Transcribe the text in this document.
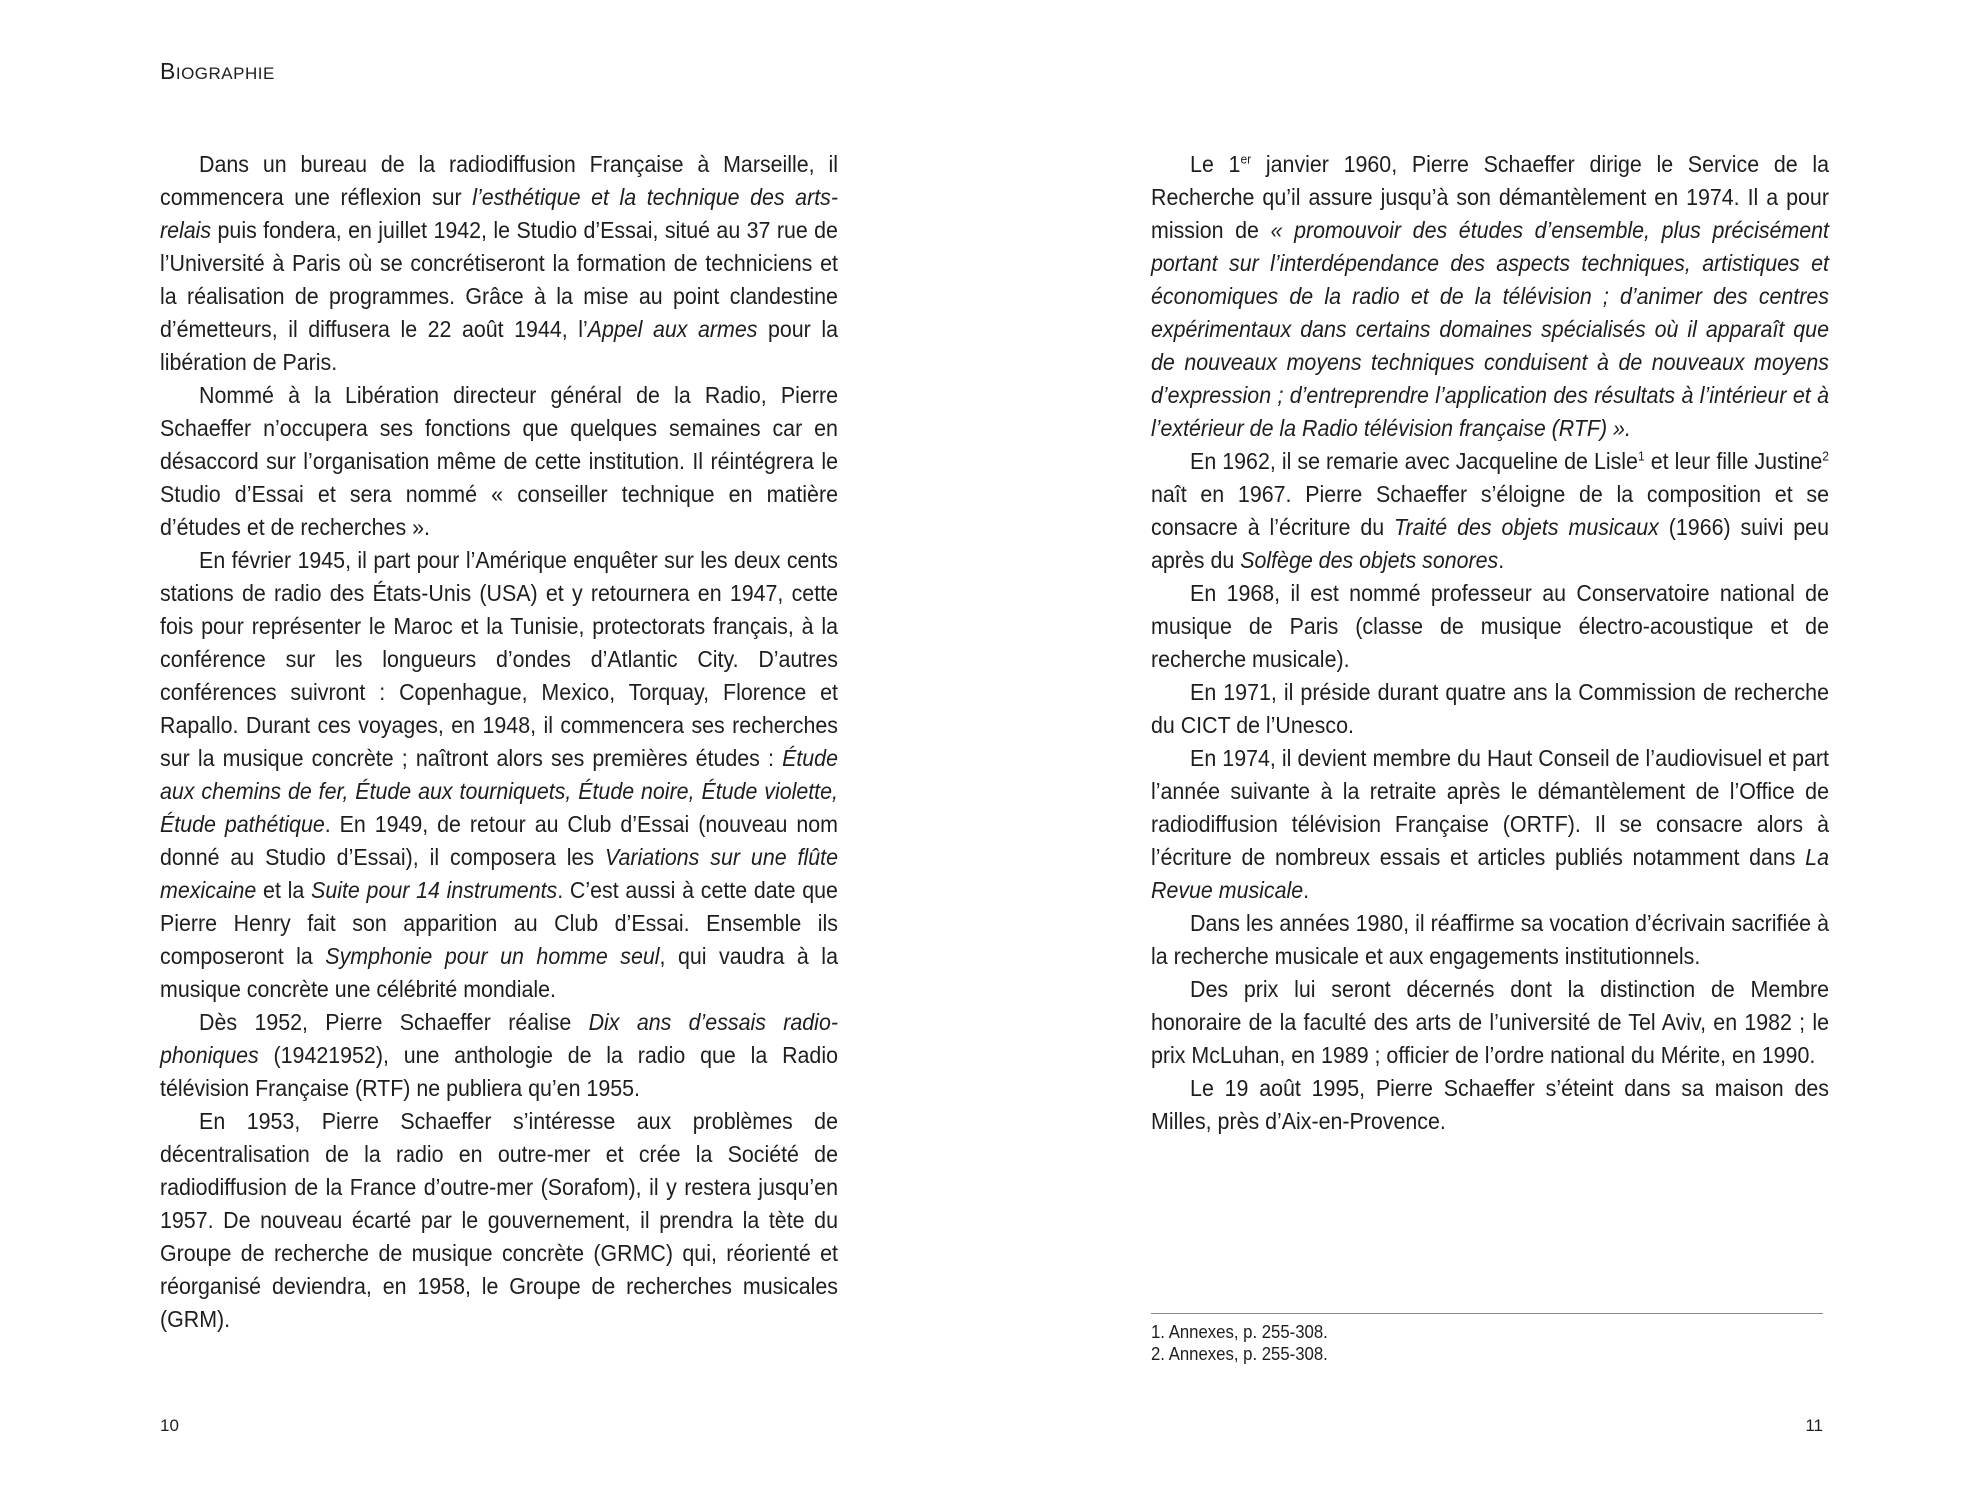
BIOGRAPHIE

Dans un bureau de la radiodiffusion Française à Marseille, il commencera une réflexion sur l’esthétique et la technique des arts-relais puis fondera, en juillet 1942, le Studio d’Essai, situé au 37 rue de l’Université à Paris où se concrétiseront la formation de techniciens et la réalisation de programmes. Grâce à la mise au point clandestine d’émetteurs, il diffusera le 22 août 1944, l’Appel aux armes pour la libération de Paris.

Nommé à la Libération directeur général de la Radio, Pierre Schaeffer n’occupera ses fonctions que quelques semaines car en désaccord sur l’organisation même de cette institution. Il réintégrera le Studio d’Essai et sera nommé « conseiller technique en matière d’études et de recherches ».

En février 1945, il part pour l’Amérique enquêter sur les deux cents stations de radio des États-Unis (USA) et y retournera en 1947, cette fois pour représenter le Maroc et la Tunisie, protectorats français, à la conférence sur les longueurs d’ondes d’Atlantic City. D’autres conférences suivront : Copenhague, Mexico, Torquay, Florence et Rapallo. Durant ces voyages, en 1948, il commencera ses recherches sur la musique concrète ; naîtront alors ses premières études : Étude aux chemins de fer, Étude aux tourniquets, Étude noire, Étude violette, Étude pathétique. En 1949, de retour au Club d’Essai (nouveau nom donné au Studio d’Essai), il composera les Variations sur une flûte mexicaine et la Suite pour 14 instruments. C’est aussi à cette date que Pierre Henry fait son apparition au Club d’Essai. Ensemble ils composeront la Symphonie pour un homme seul, qui vaudra à la musique concrète une célébrité mondiale.

Dès 1952, Pierre Schaeffer réalise Dix ans d’essais radiophoniques (19421952), une anthologie de la radio que la Radio télévision Française (RTF) ne publiera qu’en 1955.

En 1953, Pierre Schaeffer s’intéresse aux problèmes de décentralisation de la radio en outre-mer et crée la Société de radiodiffusion de la France d’outre-mer (Sorafom), il y restera jusqu’en 1957. De nouveau écarté par le gouvernement, il prendra la tète du Groupe de recherche de musique concrète (GRMC) qui, réorienté et réorganisé deviendra, en 1958, le Groupe de recherches musicales (GRM).

10

Le 1er janvier 1960, Pierre Schaeffer dirige le Service de la Recherche qu’il assure jusqu’à son démantèlement en 1974. Il a pour mission de « promouvoir des études d’ensemble, plus précisément portant sur l’interdépendance des aspects techniques, artistiques et économiques de la radio et de la télévision ; d’animer des centres expérimentaux dans certains domaines spécialisés où il apparaît que de nouveaux moyens techniques conduisent à de nouveaux moyens d’expression ; d’entreprendre l’application des résultats à l’intérieur et à l’extérieur de la Radio télévision française (RTF) ».

En 1962, il se remarie avec Jacqueline de Lisle$^1$ et leur fille Justine$^2$ naît en 1967. Pierre Schaeffer s’éloigne de la composition et se consacre à l’écriture du Traité des objets musicaux (1966) suivi peu après du Solfège des objets sonores.

En 1968, il est nommé professeur au Conservatoire national de musique de Paris (classe de musique électro-acoustique et de recherche musicale).

En 1971, il préside durant quatre ans la Commission de recherche du CICT de l’Unesco.

En 1974, il devient membre du Haut Conseil de l’audiovisuel et part l’année suivante à la retraite après le démantèlement de l’Office de radiodiffusion télévision Française (ORTF). Il se consacre alors à l’écriture de nombreux essais et articles publiés notamment dans La Revue musicale.

Dans les années 1980, il réaffirme sa vocation d’écrivain sacrifiée à la recherche musicale et aux engagements institutionnels.

Des prix lui seront décernés dont la distinction de Membre honoraire de la faculté des arts de l’université de Tel Aviv, en 1982 ; le prix McLuhan, en 1989 ; officier de l’ordre national du Mérite, en 1990.

Le 19 août 1995, Pierre Schaeffer s’éteint dans sa maison des Milles, près d’Aix-en-Provence.

1. Annexes, p. 255-308.

2. Annexes, p. 255-308.

11
